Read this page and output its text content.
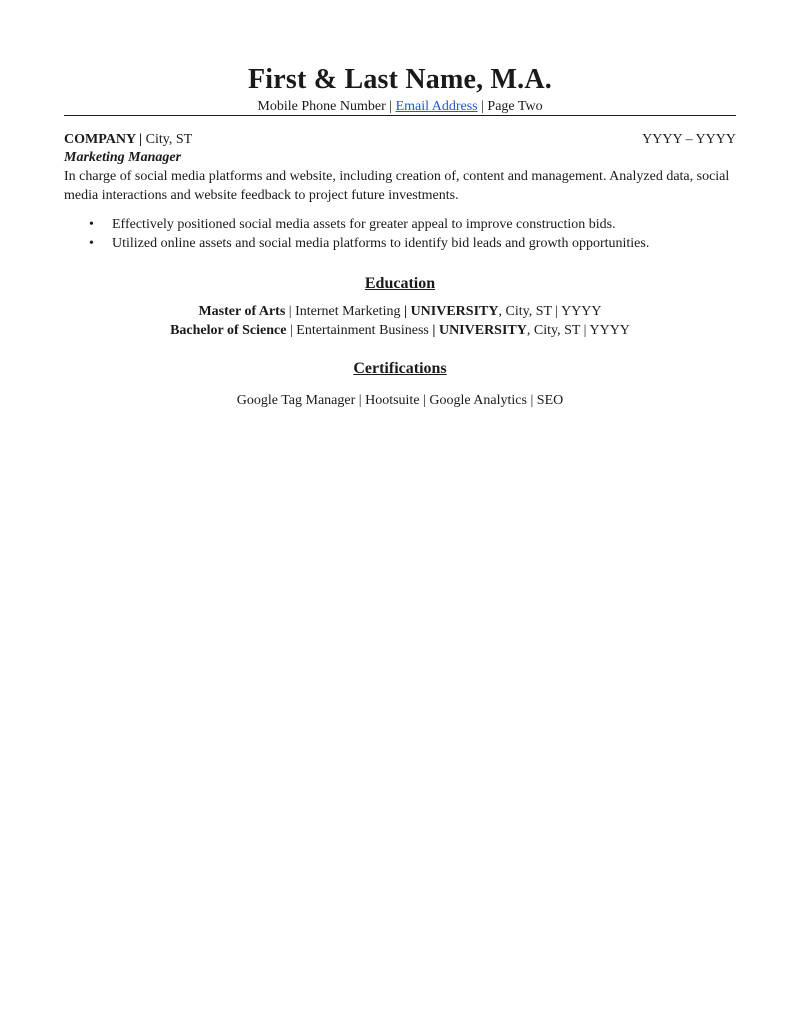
First & Last Name, M.A.
Mobile Phone Number | Email Address | Page Two
COMPANY | City, ST	YYYY – YYYY
Marketing Manager
In charge of social media platforms and website, including creation of, content and management. Analyzed data, social media interactions and website feedback to project future investments.
• Effectively positioned social media assets for greater appeal to improve construction bids.
• Utilized online assets and social media platforms to identify bid leads and growth opportunities.
Education
Master of Arts | Internet Marketing | UNIVERSITY, City, ST | YYYY
Bachelor of Science | Entertainment Business | UNIVERSITY, City, ST | YYYY
Certifications
Google Tag Manager | Hootsuite | Google Analytics | SEO
